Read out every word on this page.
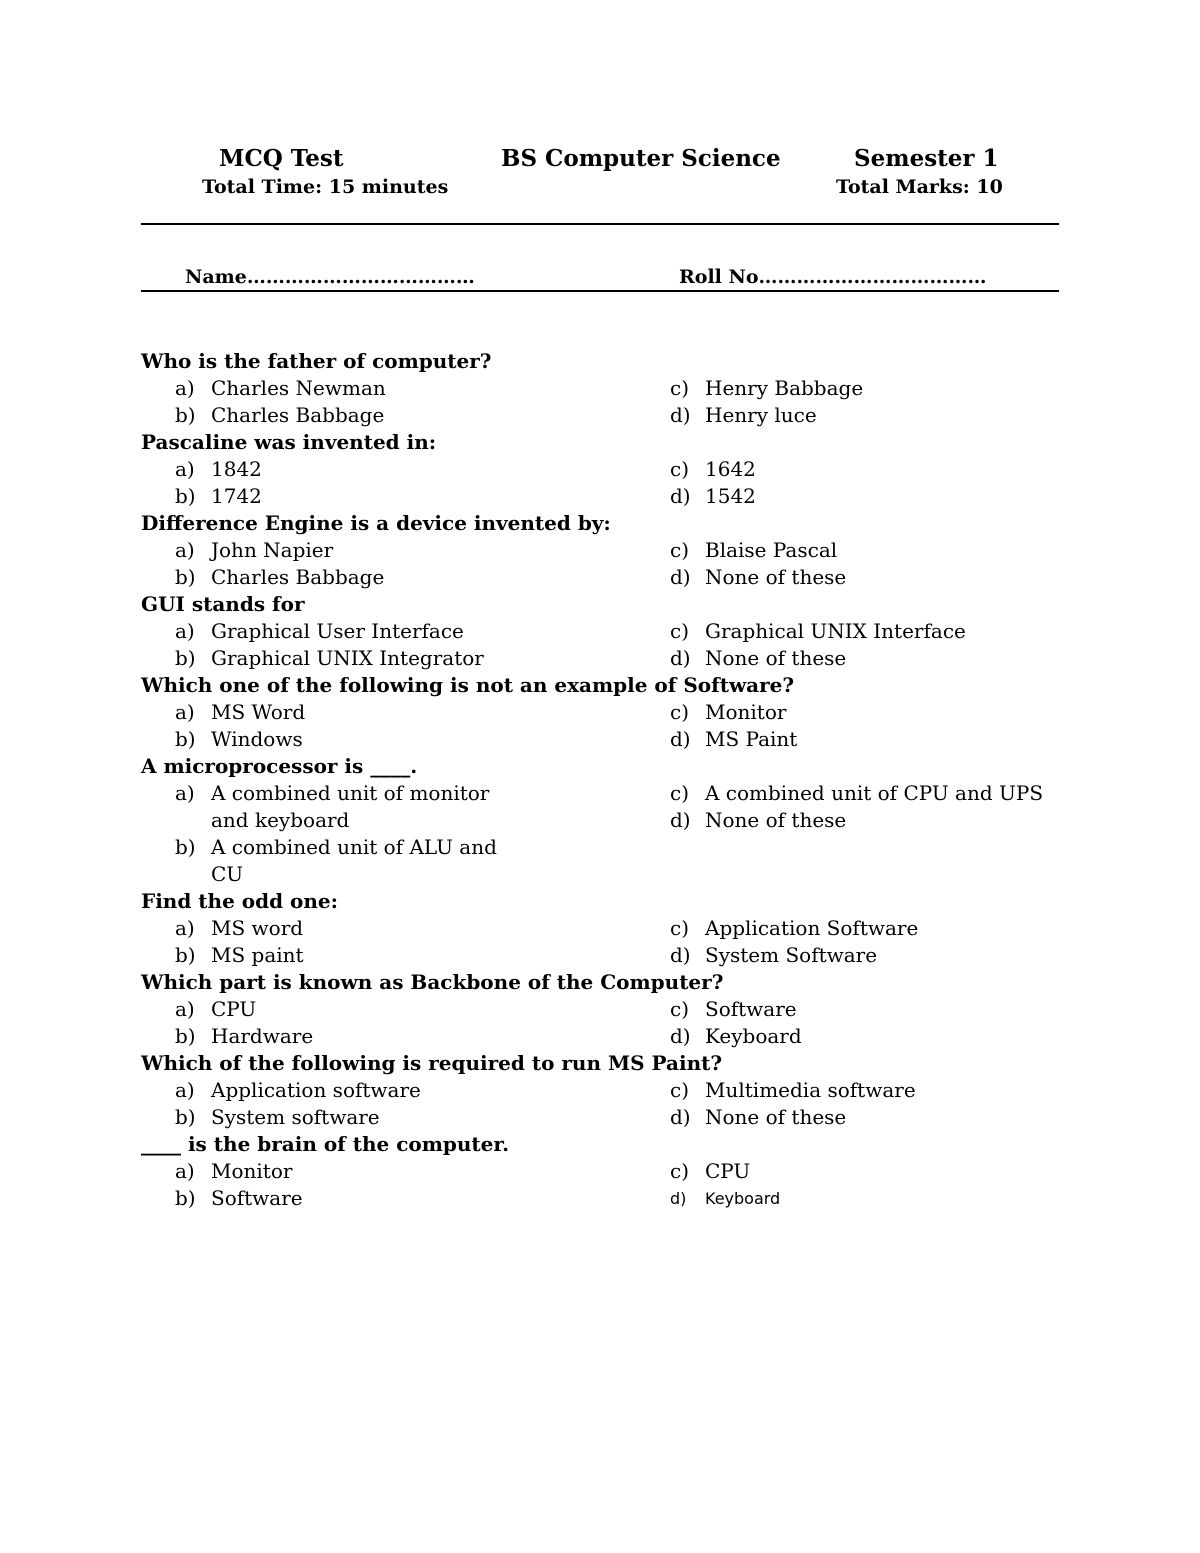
MCQ Test	BS Computer Science	Semester 1
Total Time: 15 minutes	Total Marks: 10
Name………………………………	Roll No………………………………
Who is the father of computer?
a) Charles Newman
b) Charles Babbage
c) Henry Babbage
d) Henry luce
Pascaline was invented in:
a) 1842
b) 1742
c) 1642
d) 1542
Difference Engine is a device invented by:
a) John Napier
b) Charles Babbage
c) Blaise Pascal
d) None of these
GUI stands for
a) Graphical User Interface
b) Graphical UNIX Integrator
c) Graphical UNIX Interface
d) None of these
Which one of the following is not an example of Software?
a) MS Word
b) Windows
c) Monitor
d) MS Paint
A microprocessor is ____.
a) A combined unit of monitor and keyboard
b) A combined unit of ALU and CU
c) A combined unit of CPU and UPS
d) None of these
Find the odd one:
a) MS word
b) MS paint
c) Application Software
d) System Software
Which part is known as Backbone of the Computer?
a) CPU
b) Hardware
c) Software
d) Keyboard
Which of the following is required to run MS Paint?
a) Application software
b) System software
c) Multimedia software
d) None of these
____ is the brain of the computer.
a) Monitor
b) Software
c) CPU
d)	Keyboard
